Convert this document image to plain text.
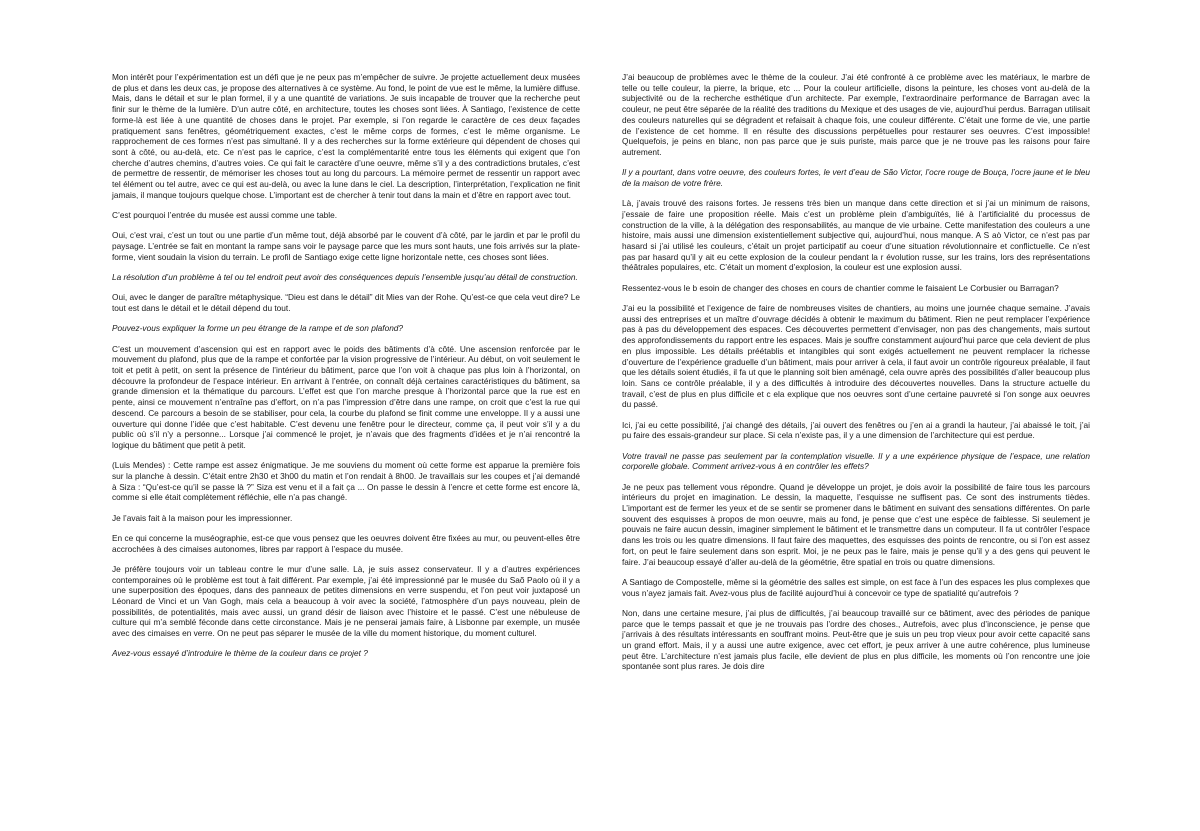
Mon intérêt pour l’expérimentation est un défi que je ne peux pas m’empêcher de suivre. Je projette actuellement deux musées de plus et dans les deux cas, je propose des alternatives à ce système. Au fond, le point de vue est le même, la lumière diffuse. Mais, dans le détail et sur le plan formel, il y a une quantité de variations. Je suis incapable de trouver que la recherche peut finir sur le thème de la lumière. D’un autre côté, en architecture, toutes les choses sont liées. À Santiago, l’existence de cette forme-là est liée à une quantité de choses dans le projet. Par exemple, si l’on regarde le caractère de ces deux façades pratiquement sans fenêtres, géométriquement exactes, c’est le même corps de formes, c’est le même organisme. Le rapprochement de ces formes n’est pas simultané. Il y a des recherches sur la forme extérieure qui dépendent de choses qui sont à côté, ou au-delà, etc. Ce n’est pas le caprice, c’est la complémentarité entre tous les éléments qui exigent que l’on cherche d’autres chemins, d’autres voies. Ce qui fait le caractère d’une oeuvre, même s’il y a des contradictions brutales, c’est de permettre de ressentir, de mémoriser les choses tout au long du parcours. La mémoire permet de ressentir un rapport avec tel élément ou tel autre, avec ce qui est au-delà, ou avec la lune dans le ciel. La description, l’interprétation, l’explication ne finit jamais, il manque toujours quelque chose. L’important est de chercher à tenir tout dans la main et d’être en rapport avec tout.

C’est pourquoi l’entrée du musée est aussi comme une table.

Oui, c’est vrai, c’est un tout ou une partie d’un même tout, déjà absorbé par le couvent d’à côté, par le jardin et par le profil du paysage. L’entrée se fait en montant la rampe sans voir le paysage parce que les murs sont hauts, une fois arrivés sur la plate-forme, vient soudain la vision du terrain. Le profil de Santiago exige cette ligne horizontale nette, ces choses sont liées.

La résolution d’un problème à tel ou tel endroit peut avoir des conséquences depuis l’ensemble jusqu’au détail de construction.

Oui, avec le danger de paraître métaphysique. “Dieu est dans le détail” dit Mies van der Rohe. Qu’est-ce que cela veut dire? Le tout est dans le détail et le détail dépend du tout.

Pouvez-vous expliquer la forme un peu étrange de la rampe et de son plafond?

C’est un mouvement d’ascension qui est en rapport avec le poids des bâtiments d’à côté. Une ascension renforcée par le mouvement du plafond, plus que de la rampe et confortée par la vision progressive de l’intérieur. Au début, on voit seulement le toit et petit à petit, on sent la présence de l’intérieur du bâtiment, parce que l’on voit à chaque pas plus loin à l’horizontal, on découvre la profondeur de l’espace intérieur. En arrivant à l’entrée, on connaît déjà certaines caractéristiques du bâtiment, sa grande dimension et la thématique du parcours. L’effet est que l’on marche presque à l’horizontal parce que la rue est en pente, ainsi ce mouvement n’entraîne pas d’effort, on n’a pas l’impression d’être dans une rampe, on croit que c’est la rue qui descend. Ce parcours a besoin de se stabiliser, pour cela, la courbe du plafond se finit comme une enveloppe. Il y a aussi une ouverture qui donne l’idée que c’est habitable. C’est devenu une fenêtre pour le directeur, comme ça, il peut voir s’il y a du public où s’il n’y a personne... Lorsque j’ai commencé le projet, je n’avais que des fragments d’idées et je n’ai rencontré la logique du bâtiment que petit à petit.

(Luis Mendes) : Cette rampe est assez énigmatique. Je me souviens du moment où cette forme est apparue la première fois sur la planche à dessin. C’était entre 2h30 et 3h00 du matin et l’on rendait à 8h00. Je travaillais sur les coupes et j’ai demandé à Siza : “Qu’est-ce qu’il se passe là ?” Siza est venu et il a fait ça ... On passe le dessin à l’encre et cette forme est encore là, comme si elle était complètement réfléchie, elle n’a pas changé.

Je l’avais fait à la maison pour les impressionner.

En ce qui concerne la muséographie, est-ce que vous pensez que les oeuvres doivent être fixées au mur, ou peuvent-elles être accrochées à des cimaises autonomes, libres par rapport à l’espace du musée.

Je préfère toujours voir un tableau contre le mur d’une salle. Là, je suis assez conservateur. Il y a d’autres expériences contemporaines où le problème est tout à fait différent. Par exemple, j’ai été impressionné par le musée du Saõ Paolo où il y a une superposition des époques, dans des panneaux de petites dimensions en verre suspendu, et l’on peut voir juxtaposé un Léonard de Vinci et un Van Gogh, mais cela a beaucoup à voir avec la société, l’atmosphère d’un pays nouveau, plein de possibilités, de potentialités, mais avec aussi, un grand désir de liaison avec l’histoire et le passé. C’est une nébuleuse de culture qui m’a semblé féconde dans cette circonstance. Mais je ne penserai jamais faire, à Lisbonne par exemple, un musée avec des cimaises en verre. On ne peut pas séparer le musée de la ville du moment historique, du moment culturel.

Avez-vous essayé d’introduire le thème de la couleur dans ce projet ?

J’ai beaucoup de problèmes avec le thème de la couleur. J’ai été confronté à ce problème avec les matériaux, le marbre de telle ou telle couleur, la pierre, la brique, etc ... Pour la couleur artificielle, disons la peinture, les choses vont au-delà de la subjectivité ou de la recherche esthétique d’un architecte. Par exemple, l’extraordinaire performance de Barragan avec la couleur, ne peut être séparée de la réalité des traditions du Mexique et des usages de vie, aujourd’hui perdus. Barragan utilisait des couleurs naturelles qui se dégradent et refaisait à chaque fois, une couleur différente. C’était une forme de vie, une partie de l’existence de cet homme. Il en résulte des discussions perpétuelles pour restaurer ses oeuvres. C’est impossible! Quelquefois, je peins en blanc, non pas parce que je suis puriste, mais parce que je ne trouve pas les raisons pour faire autrement.

Il y a pourtant, dans votre oeuvre, des couleurs fortes, le vert d’eau de São Victor, l’ocre rouge de Bouça, l’ocre jaune et le bleu de la maison de votre frère.

Là, j’avais trouvé des raisons fortes. Je ressens très bien un manque dans cette direction et si j’ai un minimum de raisons, j’essaie de faire une proposition réelle. Mais c’est un problème plein d’ambiguïtés, lié à l’artificialité du processus de construction de la ville, à la délégation des responsabilités, au manque de vie urbaine. Cette manifestation des couleurs a une histoire, mais aussi une dimension existentiellement subjective qui, aujourd’hui, nous manque. A S aò Victor, ce n’est pas par hasard si j’ai utilisé les couleurs, c’était un projet participatif au coeur d’une situation révolutionnaire et conflictuelle. Ce n’est pas par hasard qu’il y ait eu cette explosion de la couleur pendant la r évolution russe, sur les trains, lors des représentations théâtrales populaires, etc. C’était un moment d’explosion, la couleur est une explosion aussi.

Ressentez-vous le b esoin de changer des choses en cours de chantier comme le faisaient Le Corbusier ou Barragan?

J’ai eu la possibilité et l’exigence de faire de nombreuses visites de chantiers, au moins une journée chaque semaine. J’avais aussi des entreprises et un maître d’ouvrage décidés à obtenir le maximum du bâtiment. Rien ne peut remplacer l’expérience pas à pas du développement des espaces. Ces découvertes permettent d’envisager, non pas des changements, mais surtout des approfondissements du rapport entre les espaces. Mais je souffre constamment aujourd’hui parce que cela devient de plus en plus impossible. Les détails préétablis et intangibles qui sont exigés actuellement ne peuvent remplacer la richesse d’ouverture de l’expérience graduelle d’un bâtiment, mais pour arriver à cela, il faut avoir un contrôle rigoureux préalable, il faut que les détails soient étudiés, il fa ut que le planning soit bien aménagé, cela ouvre après des possibilités d’aller beaucoup plus loin. Sans ce contrôle préalable, il y a des difficultés à introduire des découvertes nouvelles. Dans la structure actuelle du travail, c’est de plus en plus difficile et c ela explique que nos oeuvres sont d’une certaine pauvreté si l’on songe aux oeuvres du passé.

Ici, j’ai eu cette possibilité, j’ai changé des détails, j’ai ouvert des fenêtres ou j’en ai a grandi la hauteur, j’ai abaissé le toit, j’ai pu faire des essais-grandeur sur place. Si cela n’existe pas, il y a une dimension de l’architecture qui est perdue.

Votre travail ne passe pas seulement par la contemplation visuelle. Il y a une expérience physique de l’espace, une relation corporelle globale. Comment arrivez-vous à en contrôler les effets?

Je ne peux pas tellement vous répondre. Quand je développe un projet, je dois avoir la possibilité de faire tous les parcours intérieurs du projet en imagination. Le dessin, la maquette, l’esquisse ne suffisent pas. Ce sont des instruments tièdes. L’important est de fermer les yeux et de se sentir se promener dans le bâtiment en suivant des sensations différentes. On parle souvent des esquisses à propos de mon oeuvre, mais au fond, je pense que c’est une espèce de faiblesse. Si seulement je pouvais ne faire aucun dessin, imaginer simplement le bâtiment et le transmettre dans un computeur. Il fa ut contrôler l’espace dans les trois ou les quatre dimensions. Il faut faire des maquettes, des esquisses des points de rencontre, ou si l’on est assez fort, on peut le faire seulement dans son esprit. Moi, je ne peux pas le faire, mais je pense qu’il y a des gens qui peuvent le faire. J’ai beaucoup essayé d’aller au-delà de la géométrie, être spatial en trois ou quatre dimensions.

A Santiago de Compostelle, même si la géométrie des salles est simple, on est face à l’un des espaces les plus complexes que vous n’ayez jamais fait. Avez-vous plus de facilité aujourd’hui à concevoir ce type de spatialité qu’autrefois ?

Non, dans une certaine mesure, j’ai plus de difficultés, j’ai beaucoup travaillé sur ce bâtiment, avec des périodes de panique parce que le temps passait et que je ne trouvais pas l’ordre des choses., Autrefois, avec plus d’inconscience, je pense que j’arrivais à des résultats intéressants en souffrant moins. Peut-être que je suis un peu trop vieux pour avoir cette capacité sans un grand effort. Mais, il y a aussi une autre exigence, avec cet effort, je peux arriver à une autre cohérence, plus lumineuse peut être. L’architecture n’est jamais plus facile, elle devient de plus en plus difficile, les moments où l’on rencontre une joie spontanée sont plus rares. Je dois dire
